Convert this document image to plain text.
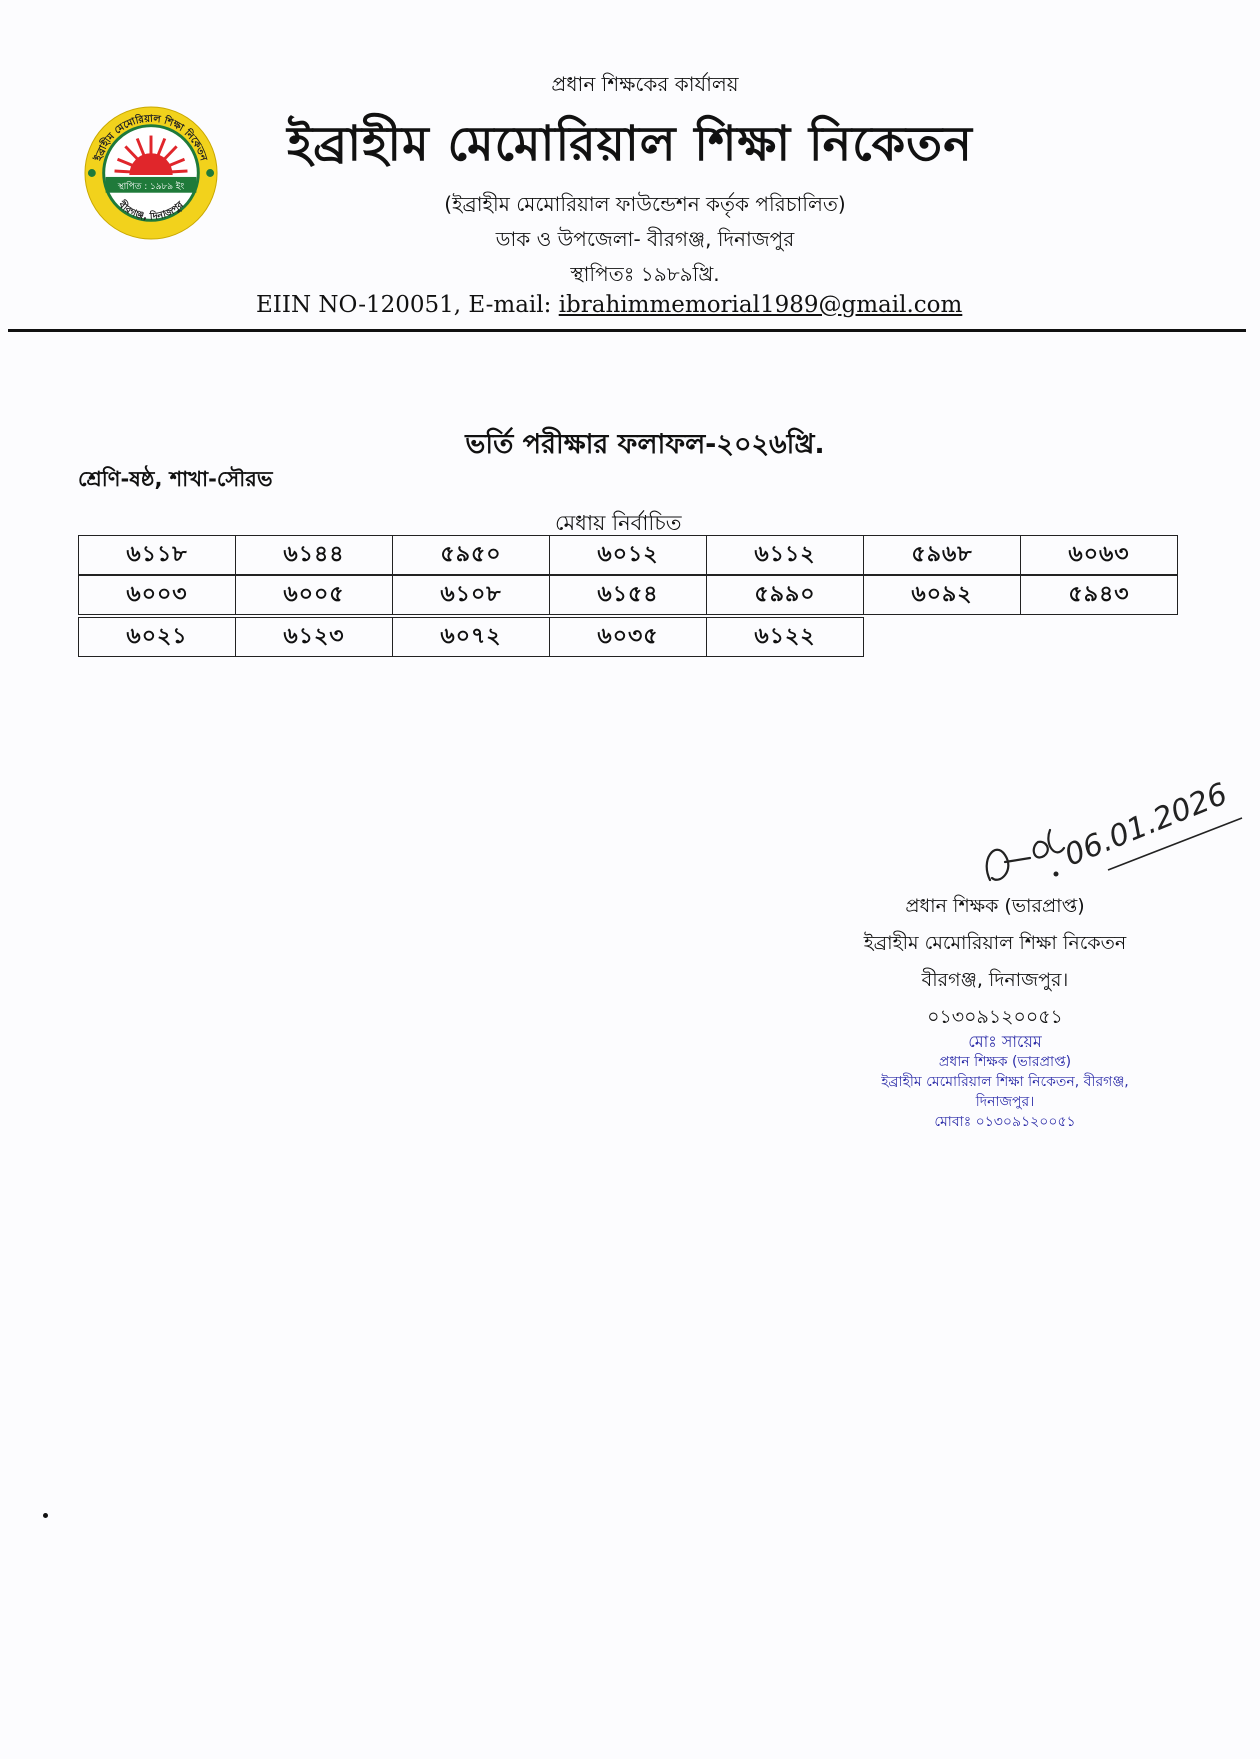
স্থাপিত : ১৯৮৯ ইং
ইব্রাহীম মেমোরিয়াল শিক্ষা নিকেতন
বীরগঞ্জ, দিনাজপুর
প্রধান শিক্ষকের কার্যালয়
ইব্রাহীম মেমোরিয়াল শিক্ষা নিকেতন
(ইব্রাহীম মেমোরিয়াল ফাউন্ডেশন কর্তৃক পরিচালিত)
ডাক ও উপজেলা- বীরগঞ্জ, দিনাজপুর
স্থাপিতঃ ১৯৮৯খ্রি.
EIIN NO-120051, E-mail: ibrahimmemorial1989@gmail.com
ভর্তি পরীক্ষার ফলাফল-২০২৬খ্রি.
শ্রেণি-ষষ্ঠ, শাখা-সৌরভ
মেধায় নির্বাচিত
৬১১৮	৬১৪৪	৫৯৫০	৬০১২	৬১১২	৫৯৬৮	৬০৬৩
৬০০৩	৬০০৫	৬১০৮	৬১৫৪	৫৯৯০	৬০৯২	৫৯৪৩
৬০২১	৬১২৩	৬০৭২	৬০৩৫	৬১২২
06.01.2026
প্রধান শিক্ষক (ভারপ্রাপ্ত)
ইব্রাহীম মেমোরিয়াল শিক্ষা নিকেতন
বীরগঞ্জ, দিনাজপুর।
০১৩০৯১২০০৫১
মোঃ সায়েম
প্রধান শিক্ষক (ভারপ্রাপ্ত)
ইব্রাহীম মেমোরিয়াল শিক্ষা নিকেতন, বীরগঞ্জ, দিনাজপুর।
মোবাঃ ০১৩০৯১২০০৫১
